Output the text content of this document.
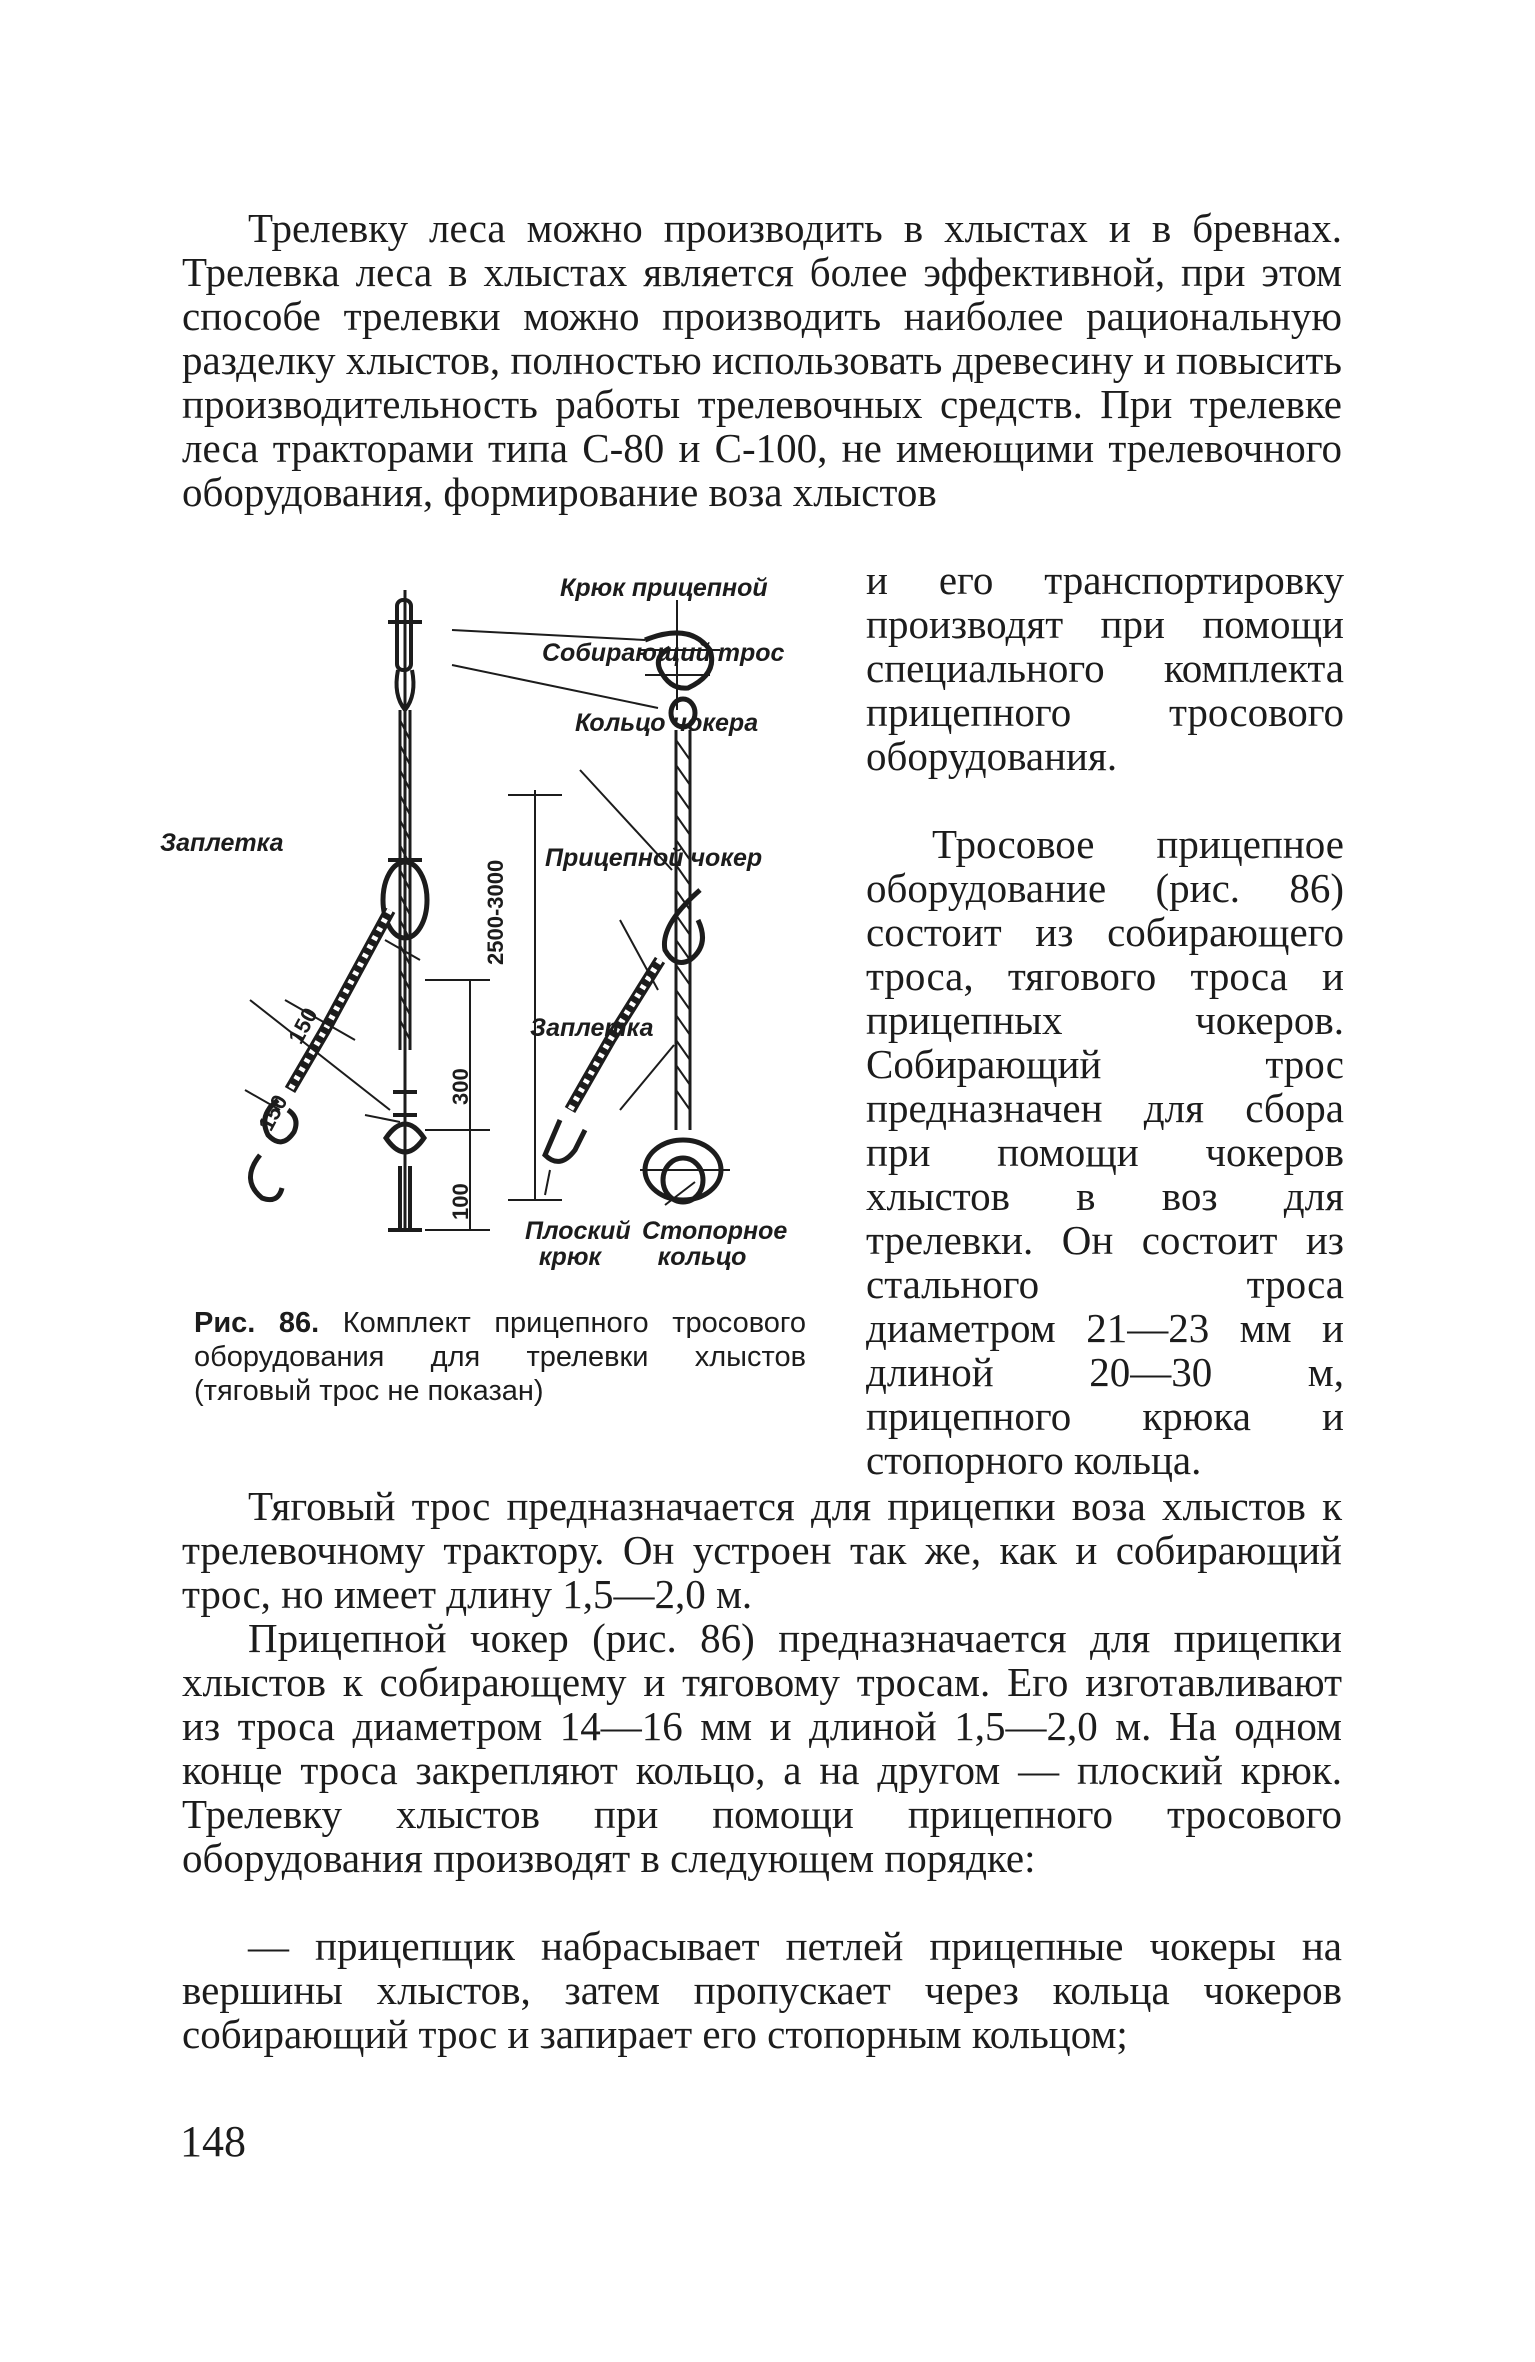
Трелевку леса можно производить в хлыстах и в бревнах. Трелевка леса в хлыстах является более эффективной, при этом способе трелевки можно производить наиболее рациональную разделку хлыстов, полностью использовать древесину и повысить производительность работы трелевочных средств. При трелевке леса тракторами типа С-80 и С-100, не имеющими трелевочного оборудования, формирование воза хлыстов

Крюк прицепной
Собирающий трос
Кольцо чокера
Прицепной чокер
Заплетка
Заплетка
Плоский крюк
Стопорное кольцо
2500-3000
150
150
300
100

и его транспортировку производят при помощи специального комплекта прицепного тросового оборудования.

Тросовое прицепное оборудование (рис. 86) состоит из собирающего троса, тягового троса и прицепных чокеров. Собирающий трос предназначен для сбора при помощи чокеров хлыстов в воз для трелевки. Он состоит из стального троса диаметром 21—23 мм и длиной 20—30 м, прицепного крюка и стопорного кольца.

Рис. 86. Комплект прицепного тросового оборудования для трелевки хлыстов (тяговый трос не показан)

Тяговый трос предназначается для прицепки воза хлыстов к трелевочному трактору. Он устроен так же, как и собирающий трос, но имеет длину 1,5—2,0 м.

Прицепной чокер (рис. 86) предназначается для прицепки хлыстов к собирающему и тяговому тросам. Его изготавливают из троса диаметром 14—16 мм и длиной 1,5—2,0 м. На одном конце троса закрепляют кольцо, а на другом — плоский крюк. Трелевку хлыстов при помощи прицепного тросового оборудования производят в следующем порядке:

— прицепщик набрасывает петлей прицепные чокеры на вершины хлыстов, затем пропускает через кольца чокеров собирающий трос и запирает его стопорным кольцом;

148
